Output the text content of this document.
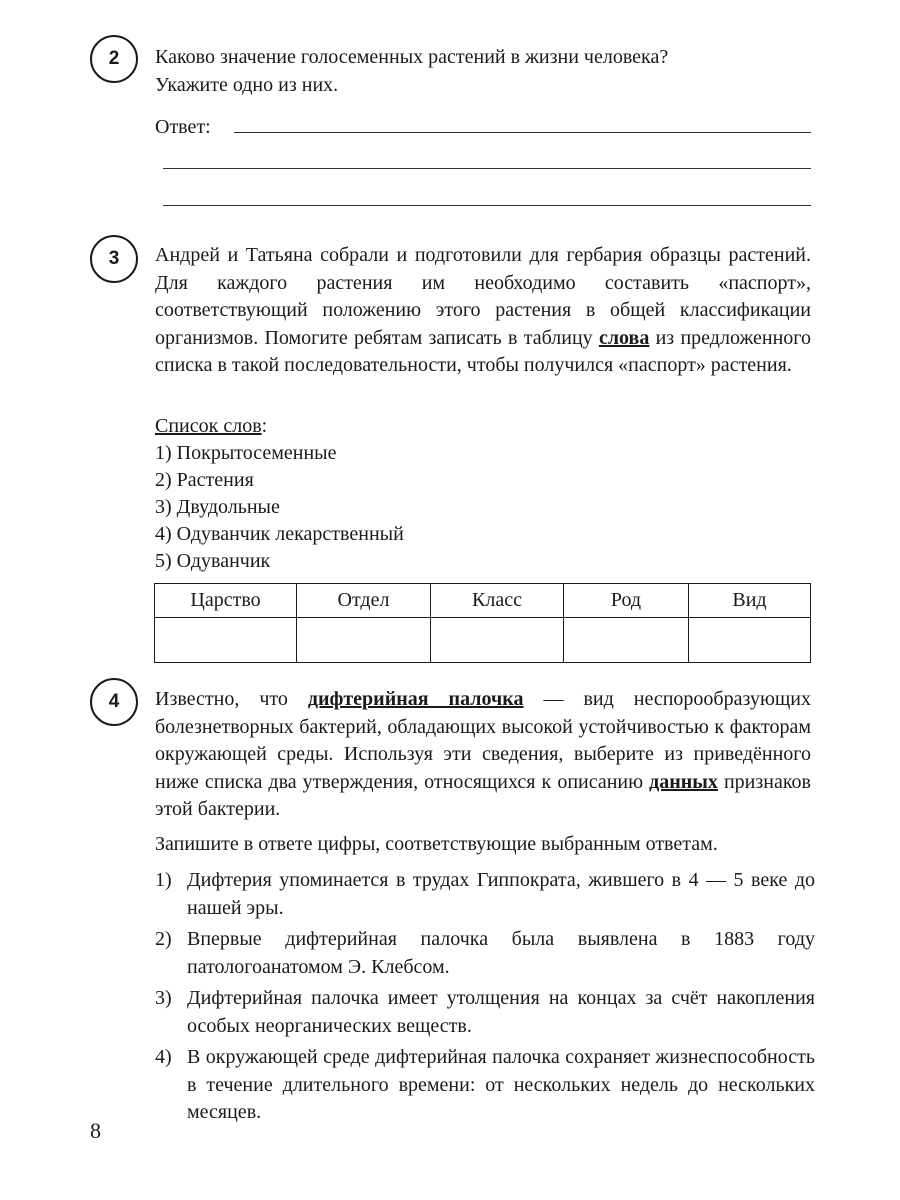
2	Каково значение голосеменных растений в жизни человека?

Укажите одно из них.

Ответ:
3	Андрей и Татьяна собрали и подготовили для гербария образцы растений. Для каждого растения им необходимо составить «паспорт», соответствующий положению этого растения в общей классификации организмов. Помогите ребятам записать в таблицу слова из предложенного списка в такой последовательности, чтобы получился «паспорт» растения.

Список слов:
1) Покрытосеменные
2) Растения
3) Двудольные
4) Одуванчик лекарственный
5) Одуванчик
Царство	Отдел	Класс	Род	Вид

4	Известно, что дифтерийная палочка — вид неспорообразующих болезнетворных бактерий, обладающих высокой устойчивостью к факторам окружающей среды. Используя эти сведения, выберите из приведённого ниже списка два утверждения, относящихся к описанию данных признаков этой бактерии.

Запишите в ответе цифры, соответствующие выбранным ответам.
1) Дифтерия упоминается в трудах Гиппократа, жившего в 4 — 5 веке до нашей эры.
2) Впервые дифтерийная палочка была выявлена в 1883 году патологоанатомом Э. Клебсом.
3) Дифтерийная палочка имеет утолщения на концах за счёт накопления особых неорганических веществ.
4) В окружающей среде дифтерийная палочка сохраняет жизнеспособность в течение длительного времени: от нескольких недель до нескольких месяцев.
8
